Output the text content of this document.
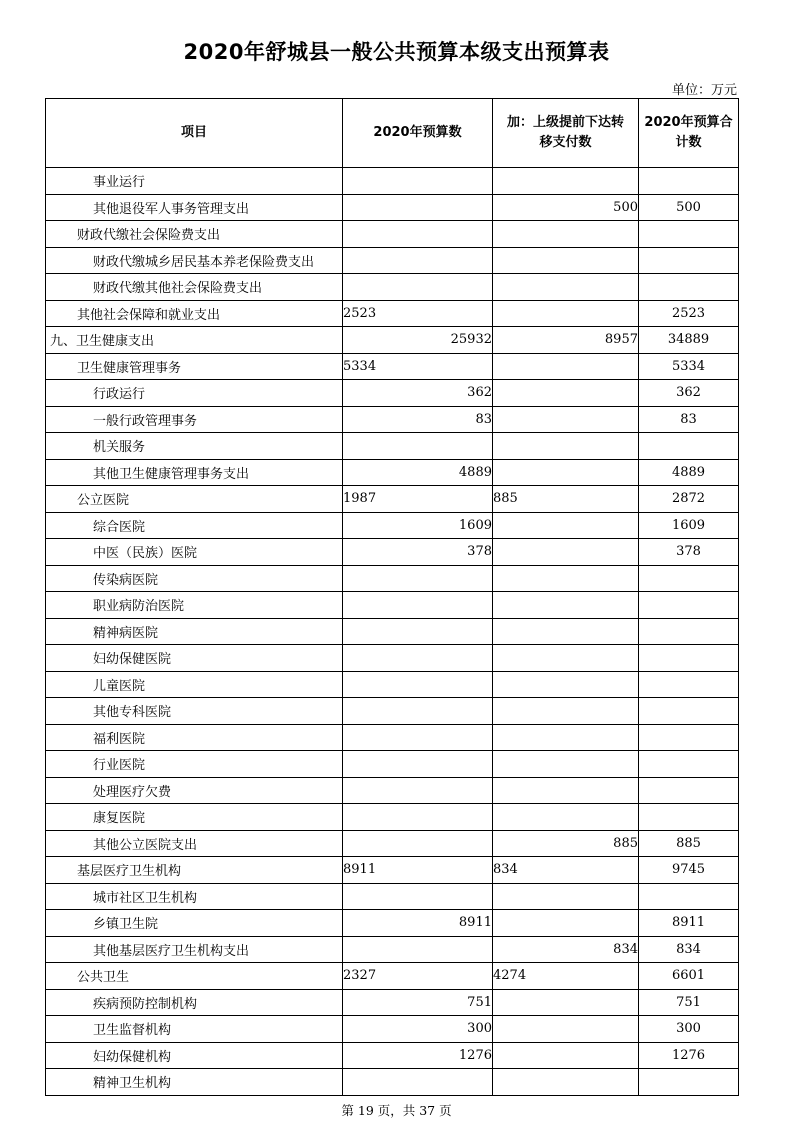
2020年舒城县一般公共预算本级支出预算表
单位：万元
项目	2020年预算数	加：上级提前下达转移支付数	2020年预算合计数
事业运行			
其他退役军人事务管理支出		500	500
财政代缴社会保险费支出			
财政代缴城乡居民基本养老保险费支出			
财政代缴其他社会保险费支出			
其他社会保障和就业支出	2523		2523
九、卫生健康支出	25932	8957	34889
卫生健康管理事务	5334		5334
行政运行	362		362
一般行政管理事务	83		83
机关服务			
其他卫生健康管理事务支出	4889		4889
公立医院	1987	885	2872
综合医院	1609		1609
中医（民族）医院	378		378
传染病医院			
职业病防治医院			
精神病医院			
妇幼保健医院			
儿童医院			
其他专科医院			
福利医院			
行业医院			
处理医疗欠费			
康复医院			
其他公立医院支出		885	885
基层医疗卫生机构	8911	834	9745
城市社区卫生机构			
乡镇卫生院	8911		8911
其他基层医疗卫生机构支出		834	834
公共卫生	2327	4274	6601
疾病预防控制机构	751		751
卫生监督机构	300		300
妇幼保健机构	1276		1276
精神卫生机构			
第 19 页，共 37 页
